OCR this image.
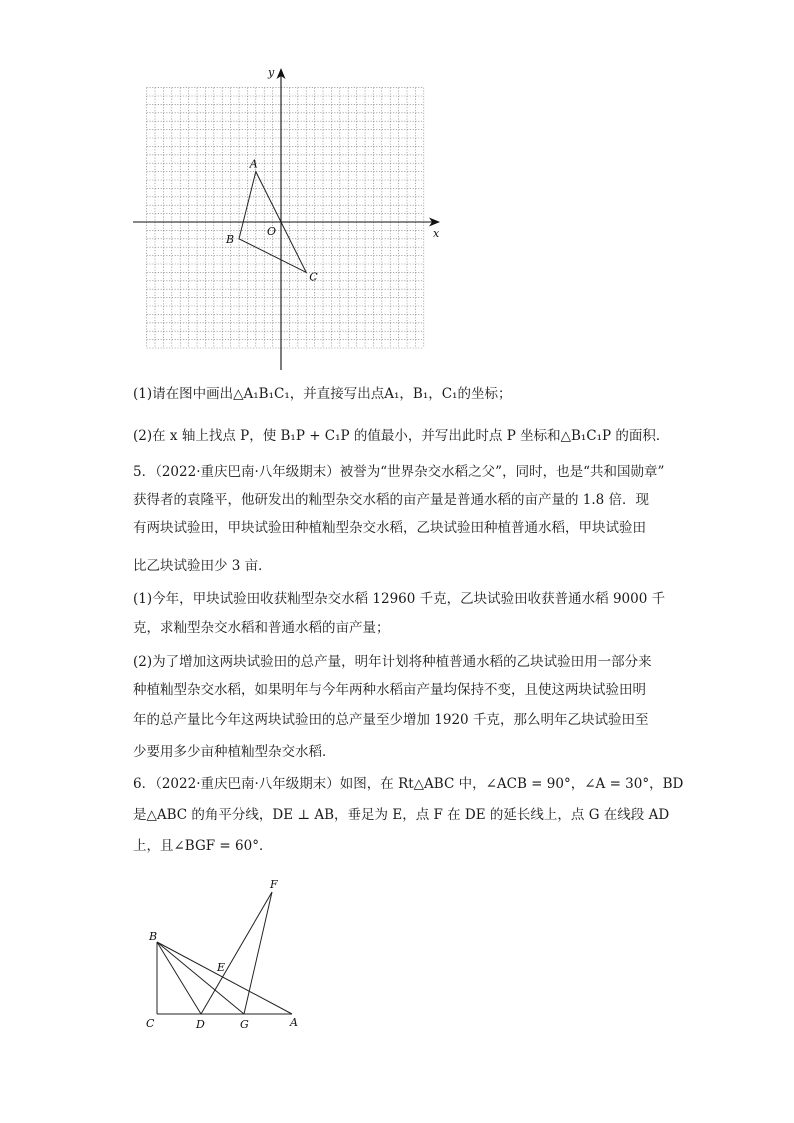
y
x
O
A
B
C
(1)请在图中画出△A₁B₁C₁，并直接写出点A₁，B₁，C₁的坐标；
(2)在 x 轴上找点 P，使 B₁P + C₁P 的值最小，并写出此时点 P 坐标和△B₁C₁P 的面积．
5．（2022·重庆巴南·八年级期末）被誉为“世界杂交水稻之父”，同时，也是“共和国勋章”
获得者的袁隆平，他研发出的籼型杂交水稻的亩产量是普通水稻的亩产量的 1.8 倍．现
有两块试验田，甲块试验田种植籼型杂交水稻，乙块试验田种植普通水稻，甲块试验田
比乙块试验田少 3 亩．
(1)今年，甲块试验田收获籼型杂交水稻 12960 千克，乙块试验田收获普通水稻 9000 千
克，求籼型杂交水稻和普通水稻的亩产量；
(2)为了增加这两块试验田的总产量，明年计划将种植普通水稻的乙块试验田用一部分来
种植籼型杂交水稻，如果明年与今年两种水稻亩产量均保持不变，且使这两块试验田明
年的总产量比今年这两块试验田的总产量至少增加 1920 千克，那么明年乙块试验田至
少要用多少亩种植籼型杂交水稻．
6．（2022·重庆巴南·八年级期末）如图，在 Rt△ABC 中，∠ACB = 90°，∠A = 30°，BD
是△ABC 的角平分线，DE ⊥ AB，垂足为 E，点 F 在 DE 的延长线上，点 G 在线段 AD
上，且∠BGF = 60°．
F
B
E
C	D	G	A
